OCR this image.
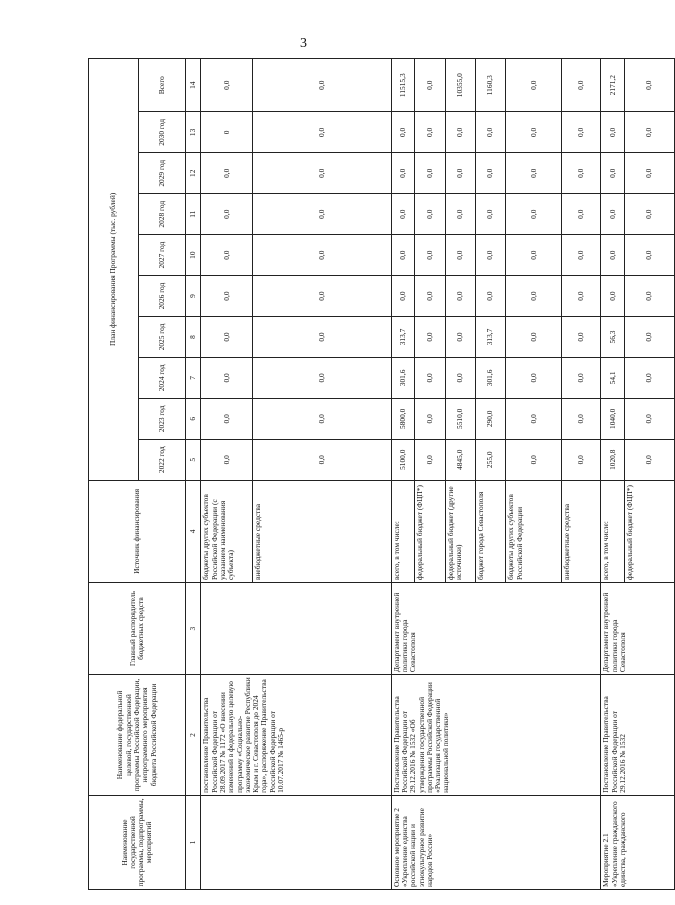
3
Наименование государственной программы, подпрограммы, мероприятий	Наименование федеральной целевой, государственной программы Российской Федерации, непрограммного мероприятия бюджета Российской Федерации	Главный распорядитель бюджетных средств	Источник финансирования	План финансирования Программы (тыс. рублей)									
				2022 год	2023 год	2024 год	2025 год	2026 год	2027 год	2028 год	2029 год	2030 год	Всего
1	2	3	4	5	6	7	8	9	10	11	12	13	14
	постановление Правительства Российской Федерации от 28.09.2017 № 1172 «О внесении изменений в федеральную целевую программу «Социально-экономическое развитие Республики Крым и г. Севастополя до 2024 года», распоряжение Правительства Российской Федерации от 10.07.2017 № 1465-р		бюджеты других субъектов Российской Федерации (с указанием наименования субъекта)	0,0	0,0	0,0	0,0	0,0	0,0	0,0	0,0	0	0,0
			внебюджетные средства	0,0	0,0	0,0	0,0	0,0	0,0	0,0	0,0	0,0	0,0
Основное мероприятие 2 «Укрепление единства российской нации и этнокультурное развитие народов России»	Постановление Правительства Российской Федерации от 29.12.2016 № 1532 «Об утверждении государственной программы Российской Федерации «Реализация государственной национальной политики»	Департамент внутренней политики города Севастополя	всего, в том числе:	5100,0	5800,0	301,6	313,7	0,0	0,0	0,0	0,0	0,0	11515,3
			федеральный бюджет (ФЦП*)	0,0	0,0	0,0	0,0	0,0	0,0	0,0	0,0	0,0	0,0
			федеральный бюджет (другие источники)	4845,0	5510,0	0,0	0,0	0,0	0,0	0,0	0,0	0,0	10355,0
			бюджет города Севастополя	255,0	290,0	301,6	313,7	0,0	0,0	0,0	0,0	0,0	1160,3
			бюджеты других субъектов Российской Федерации	0,0	0,0	0,0	0,0	0,0	0,0	0,0	0,0	0,0	0,0
			внебюджетные средства	0,0	0,0	0,0	0,0	0,0	0,0	0,0	0,0	0,0	0,0
Мероприятие 2.1 «Укрепление гражданского единства, гражданского	Постановление Правительства Российской Федерации от 29.12.2016 № 1532	Департамент внутренней политики города Севастополя	всего, в том числе:	1020,8	1040,0	54,1	56,3	0,0	0,0	0,0	0,0	0,0	2171,2
			федеральный бюджет (ФЦП*)	0,0	0,0	0,0	0,0	0,0	0,0	0,0	0,0	0,0	0,0
